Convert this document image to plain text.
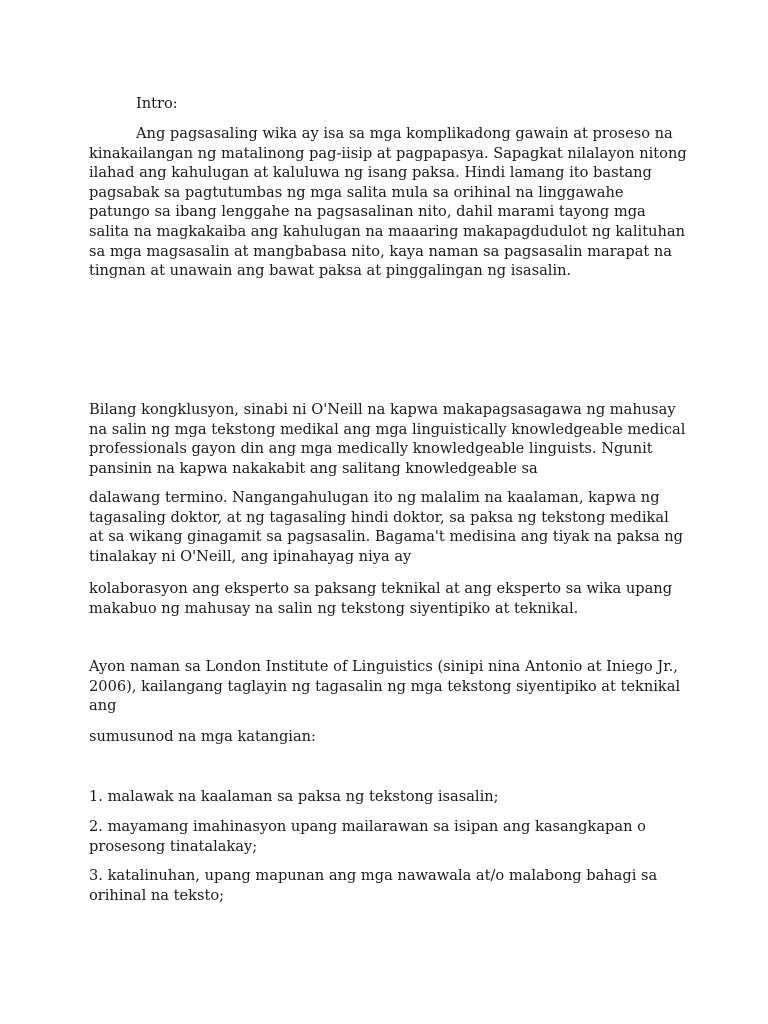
Intro:

Ang pagsasaling wika ay isa sa mga komplikadong gawain at proseso na kinakailangan ng matalinong pag-iisip at pagpapasya. Sapagkat nilalayon nitong ilahad ang kahulugan at kaluluwa ng isang paksa. Hindi lamang ito bastang pagsabak sa pagtutumbas ng mga salita mula sa orihinal na linggawahe patungo sa ibang lenggahe na pagsasalinan nito, dahil marami tayong mga salita na magkakaiba ang kahulugan na maaaring makapagdudulot ng kalituhan sa mga magsasalin at mangbabasa nito, kaya naman sa pagsasalin marapat na tingnan at unawain ang bawat paksa at pinggalingan ng isasalin.

Bilang kongklusyon, sinabi ni O'Neill na kapwa makapagsasagawa ng mahusay na salin ng mga tekstong medikal ang mga linguistically knowledgeable medical professionals gayon din ang mga medically knowledgeable linguists. Ngunit pansinin na kapwa nakakabit ang salitang knowledgeable sa

dalawang termino. Nangangahulugan ito ng malalim na kaalaman, kapwa ng tagasaling doktor, at ng tagasaling hindi doktor, sa paksa ng tekstong medikal at sa wikang ginagamit sa pagsasalin. Bagama't medisina ang tiyak na paksa ng tinalakay ni O'Neill, ang ipinahayag niya ay

kolaborasyon ang eksperto sa paksang teknikal at ang eksperto sa wika upang makabuo ng mahusay na salin ng tekstong siyentipiko at teknikal.

Ayon naman sa London Institute of Linguistics (sinipi nina Antonio at Iniego Jr., 2006), kailangang taglayin ng tagasalin ng mga tekstong siyentipiko at teknikal ang

sumusunod na mga katangian:

1. malawak na kaalaman sa paksa ng tekstong isasalin;

2. mayamang imahinasyon upang mailarawan sa isipan ang kasangkapan o prosesong tinatalakay;

3. katalinuhan, upang mapunan ang mga nawawala at/o malabong bahagi sa orihinal na teksto;
